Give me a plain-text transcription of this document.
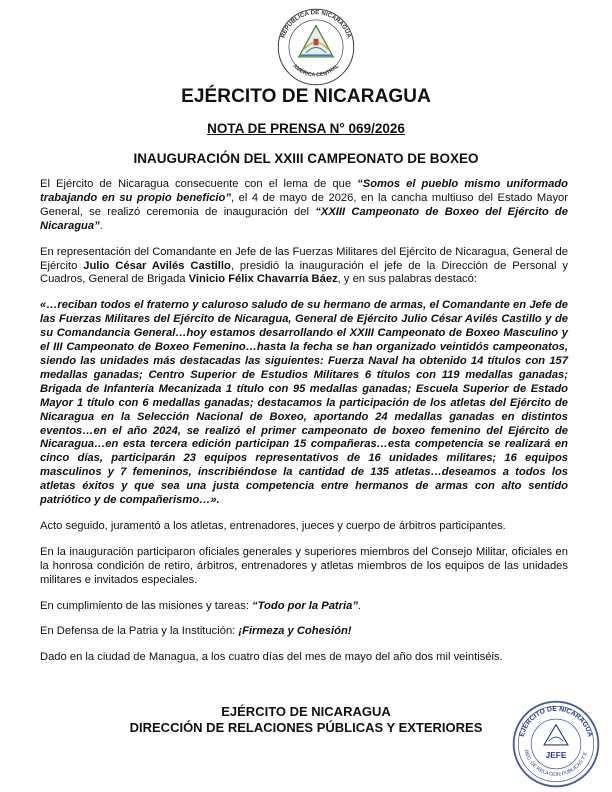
REPÚBLICA DE NICARAGUA
AMÉRICA CENTRAL
EJÉRCITO DE NICARAGUA
NOTA DE PRENSA N° 069/2026
INAUGURACIÓN DEL XXIII CAMPEONATO DE BOXEO

El Ejército de Nicaragua consecuente con el lema de que “Somos el pueblo mismo uniformado trabajando en su propio beneficio”, el 4 de mayo de 2026, en la cancha multiuso del Estado Mayor General, se realizó ceremonia de inauguración del “XXIII Campeonato de Boxeo del Ejército de Nicaragua”.

En representación del Comandante en Jefe de las Fuerzas Militares del Ejército de Nicaragua, General de Ejército Julio César Avilés Castillo, presidió la inauguración el jefe de la Dirección de Personal y Cuadros, General de Brigada Vinicio Félix Chavarría Báez, y en sus palabras destacó:

«…reciban todos el fraterno y caluroso saludo de su hermano de armas, el Comandante en Jefe de las Fuerzas Militares del Ejército de Nicaragua, General de Ejército Julio César Avilés Castillo y de su Comandancia General…hoy estamos desarrollando el XXIII Campeonato de Boxeo Masculino y el III Campeonato de Boxeo Femenino…hasta la fecha se han organizado veintidós campeonatos, siendo las unidades más destacadas las siguientes: Fuerza Naval ha obtenido 14 títulos con 157 medallas ganadas; Centro Superior de Estudios Militares 6 títulos con 119 medallas ganadas; Brigada de Infantería Mecanizada 1 título con 95 medallas ganadas; Escuela Superior de Estado Mayor 1 título con 6 medallas ganadas; destacamos la participación de los atletas del Ejército de Nicaragua en la Selección Nacional de Boxeo, aportando 24 medallas ganadas en distintos eventos…en el año 2024, se realizó el primer campeonato de boxeo femenino del Ejército de Nicaragua…en esta tercera edición participan 15 compañeras…esta competencia se realizará en cinco días, participarán 23 equipos representativos de 16 unidades militares; 16 equipos masculinos y 7 femeninos, inscribiéndose la cantidad de 135 atletas…deseamos a todos los atletas éxitos y que sea una justa competencia entre hermanos de armas con alto sentido patriótico y de compañerismo…».

Acto seguido, juramentó a los atletas, entrenadores, jueces y cuerpo de árbitros participantes.

En la inauguración participaron oficiales generales y superiores miembros del Consejo Militar, oficiales en la honrosa condición de retiro, árbitros, entrenadores y atletas miembros de los equipos de las unidades militares e invitados especiales.

En cumplimiento de las misiones y tareas: “Todo por la Patria”.

En Defensa de la Patria y la Institución: ¡Firmeza y Cohesión!

Dado en la ciudad de Managua, a los cuatro días del mes de mayo del año dos mil veintiséis.

EJÉRCITO DE NICARAGUA
DIRECCIÓN DE RELACIONES PÚBLICAS Y EXTERIORES	EJÉRCITO DE NICARAGUA
REC. DE RELACION PÚBLICAS Y E
JEFE
